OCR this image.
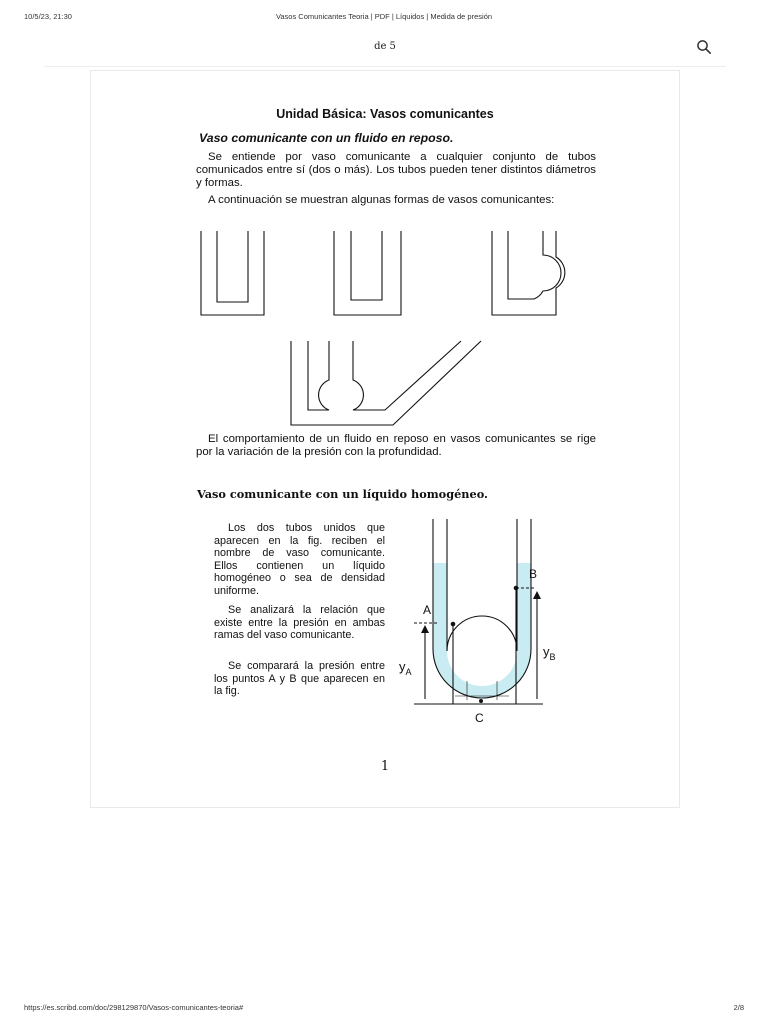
10/5/23, 21:30	Vasos Comunicantes Teoria | PDF | Líquidos | Medida de presión
de 5
Unidad Básica: Vasos comunicantes
Vaso comunicante con un fluido en reposo.

Se entiende por vaso comunicante a cualquier conjunto de tubos comunicados entre sí (dos o más). Los tubos pueden tener distintos diámetros y formas.

A continuación se muestran algunas formas de vasos comunicantes:

El comportamiento de un fluido en reposo en vasos comunicantes se rige por la variación de la presión con la profundidad.

Vaso comunicante con un líquido homogéneo.

Los dos tubos unidos que aparecen en la fig. reciben el nombre de vaso comunicante. Ellos contienen un líquido homogéneo o sea de densidad uniforme.

Se analizará la relación que existe entre la presión en ambas ramas del vaso comunicante.

Se comparará la presión entre los puntos A y B que aparecen en la fig.

A
B
C
$y_A$
$y_B$
1
https://es.scribd.com/doc/298129870/Vasos-comunicantes-teoria#	2/8
